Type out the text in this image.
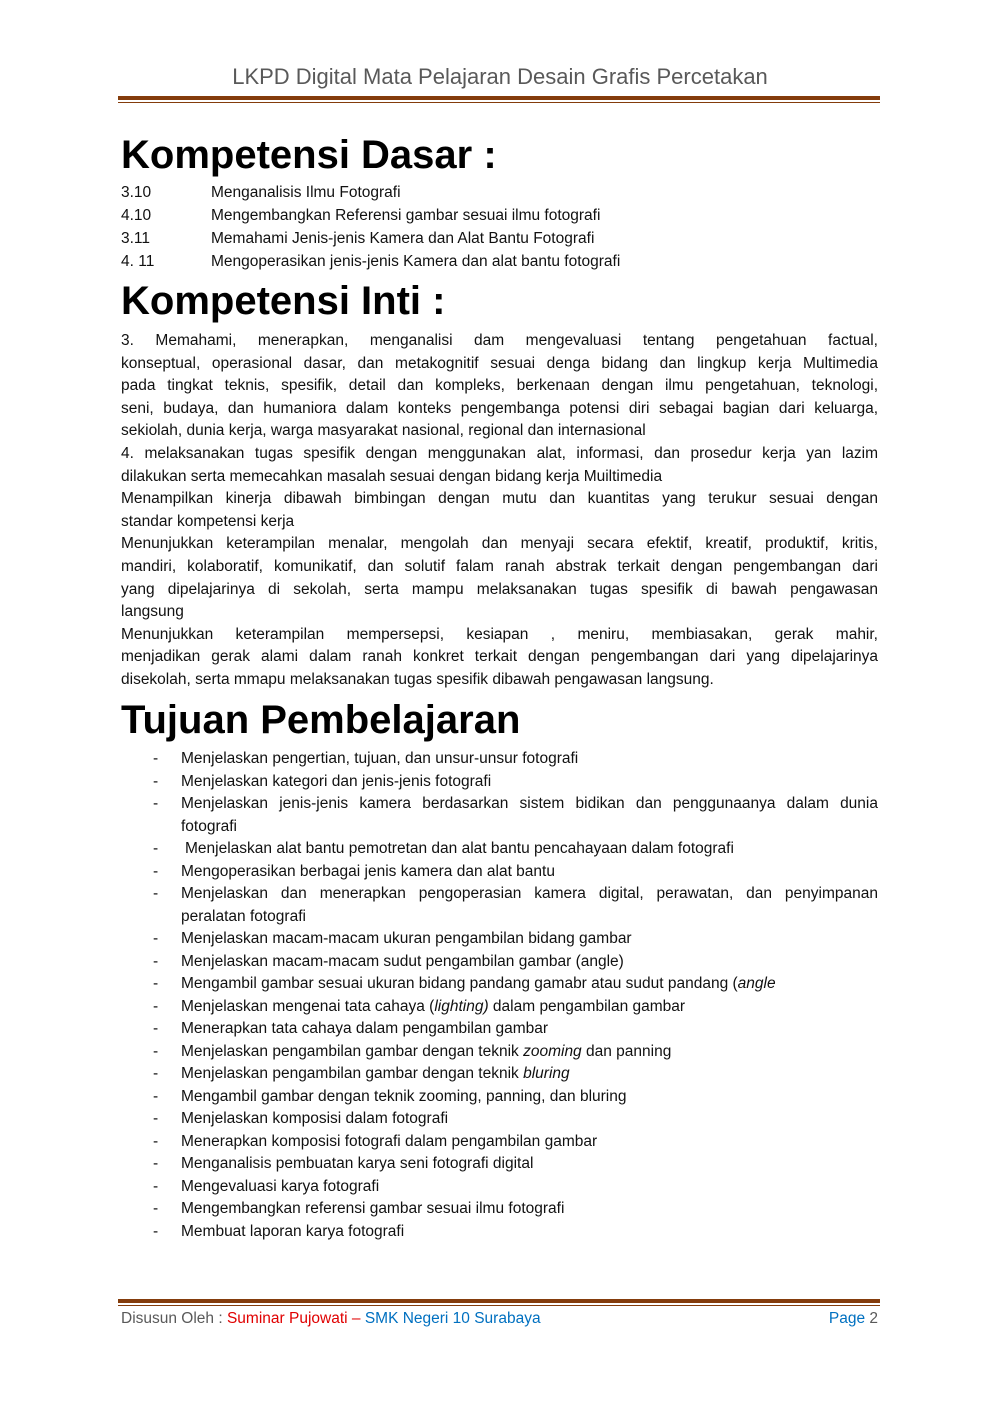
LKPD Digital Mata Pelajaran Desain Grafis Percetakan
Kompetensi Dasar :
3.10	Menganalisis Ilmu Fotografi
4.10	Mengembangkan Referensi gambar sesuai ilmu fotografi
3.11	Memahami Jenis-jenis Kamera dan Alat Bantu Fotografi
4. 11	Mengoperasikan jenis-jenis Kamera dan alat bantu fotografi
Kompetensi Inti :
3. Memahami, menerapkan, menganalisi dam mengevaluasi tentang pengetahuan factual,
konseptual, operasional dasar, dan metakognitif sesuai denga bidang dan lingkup kerja Multimedia
pada tingkat teknis, spesifik, detail dan kompleks, berkenaan dengan ilmu pengetahuan, teknologi,
seni, budaya, dan humaniora dalam konteks pengembanga potensi diri sebagai bagian dari keluarga,
sekiolah, dunia kerja, warga masyarakat nasional, regional dan internasional
4. melaksanakan tugas spesifik dengan menggunakan alat, informasi, dan prosedur kerja yan lazim
dilakukan serta memecahkan masalah sesuai dengan bidang kerja Muiltimedia
Menampilkan kinerja dibawah bimbingan dengan mutu dan kuantitas yang terukur sesuai dengan
standar kompetensi kerja
Menunjukkan keterampilan menalar, mengolah dan menyaji secara efektif, kreatif, produktif, kritis,
mandiri, kolaboratif, komunikatif, dan solutif falam ranah abstrak terkait dengan pengembangan dari
yang dipelajarinya di sekolah, serta mampu melaksanakan tugas spesifik di bawah pengawasan
langsung
Menunjukkan keterampilan mempersepsi, kesiapan , meniru, membiasakan, gerak mahir,
menjadikan gerak alami dalam ranah konkret terkait dengan pengembangan dari yang dipelajarinya
disekolah, serta mmapu melaksanakan tugas spesifik dibawah pengawasan langsung.
Tujuan Pembelajaran
- Menjelaskan pengertian, tujuan, dan unsur-unsur fotografi
- Menjelaskan kategori dan jenis-jenis fotografi
- Menjelaskan jenis-jenis kamera berdasarkan sistem bidikan dan penggunaanya dalam dunia
fotografi
- Menjelaskan alat bantu pemotretan dan alat bantu pencahayaan dalam fotografi
- Mengoperasikan berbagai jenis kamera dan alat bantu
- Menjelaskan dan menerapkan pengoperasian kamera digital, perawatan, dan penyimpanan
peralatan fotografi
- Menjelaskan macam-macam ukuran pengambilan bidang gambar
- Menjelaskan macam-macam sudut pengambilan gambar (angle)
- Mengambil gambar sesuai ukuran bidang pandang gamabr atau sudut pandang (angle
- Menjelaskan mengenai tata cahaya (lighting) dalam pengambilan gambar
- Menerapkan tata cahaya dalam pengambilan gambar
- Menjelaskan pengambilan gambar dengan teknik zooming dan panning
- Menjelaskan pengambilan gambar dengan teknik bluring
- Mengambil gambar dengan teknik zooming, panning, dan bluring
- Menjelaskan komposisi dalam fotografi
- Menerapkan komposisi fotografi dalam pengambilan gambar
- Menganalisis pembuatan karya seni fotografi digital
- Mengevaluasi karya fotografi
- Mengembangkan referensi gambar sesuai ilmu fotografi
- Membuat laporan karya fotografi
Disusun Oleh : Suminar Pujowati – SMK Negeri 10 Surabaya	Page 2
